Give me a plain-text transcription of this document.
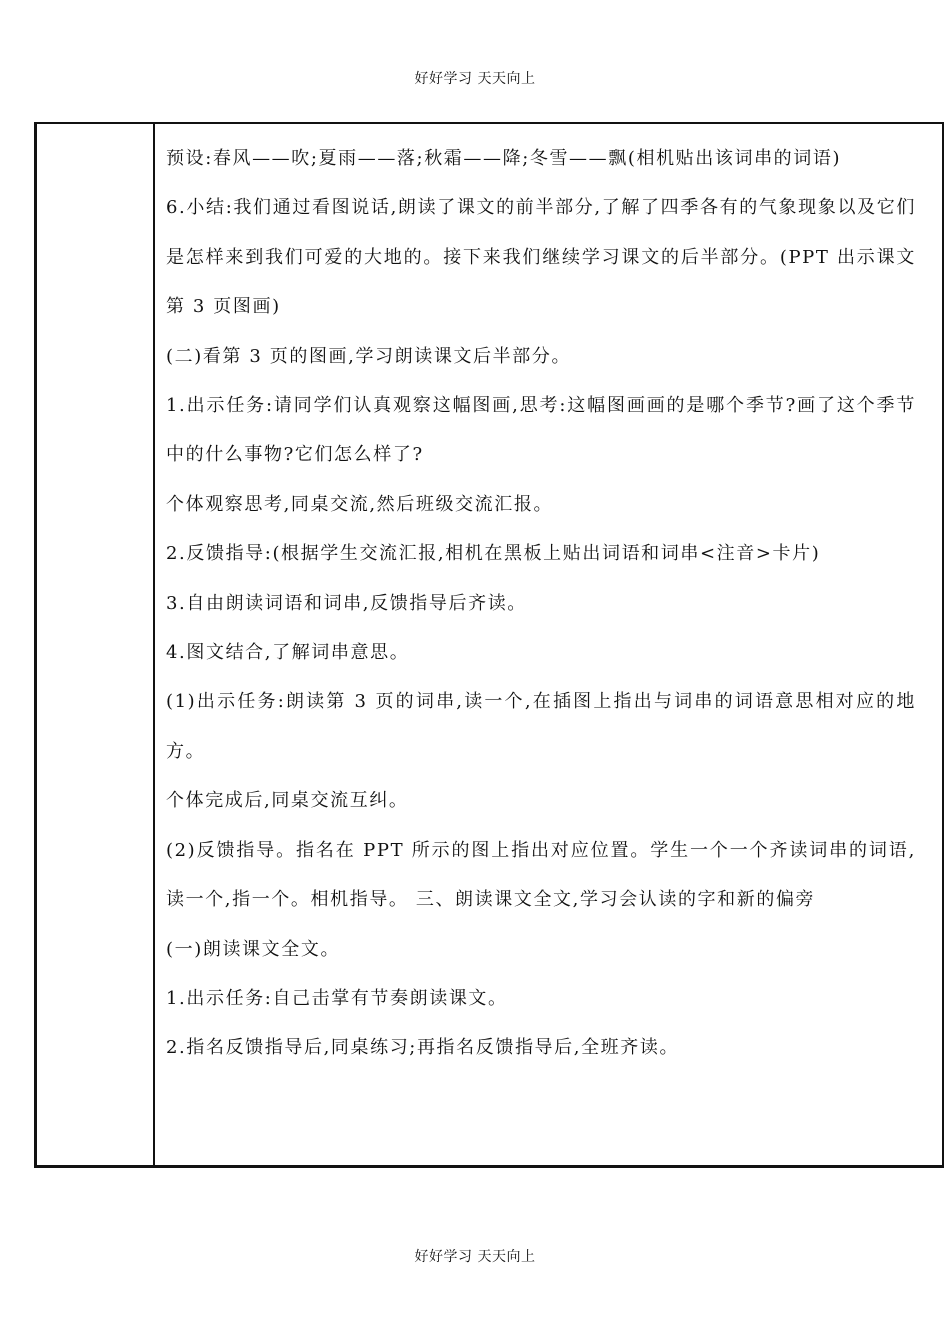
好好学习 天天向上

预设:春风——吹;夏雨——落;秋霜——降;冬雪——飘(相机贴出该词串的词语)

6.小结:我们通过看图说话,朗读了课文的前半部分,了解了四季各有的气象现象以及它们是怎样来到我们可爱的大地的。接下来我们继续学习课文的后半部分。(PPT 出示课文第 3 页图画)

(二)看第 3 页的图画,学习朗读课文后半部分。

1.出示任务:请同学们认真观察这幅图画,思考:这幅图画画的是哪个季节?画了这个季节中的什么事物?它们怎么样了?

个体观察思考,同桌交流,然后班级交流汇报。

2.反馈指导:(根据学生交流汇报,相机在黑板上贴出词语和词串<注音>卡片)

3.自由朗读词语和词串,反馈指导后齐读。

4.图文结合,了解词串意思。

(1)出示任务:朗读第 3 页的词串,读一个,在插图上指出与词串的词语意思相对应的地方。

个体完成后,同桌交流互纠。

(2)反馈指导。指名在 PPT 所示的图上指出对应位置。学生一个一个齐读词串的词语,读一个,指一个。相机指导。 三、朗读课文全文,学习会认读的字和新的偏旁

(一)朗读课文全文。

1.出示任务:自己击掌有节奏朗读课文。

2.指名反馈指导后,同桌练习;再指名反馈指导后,全班齐读。

好好学习 天天向上
